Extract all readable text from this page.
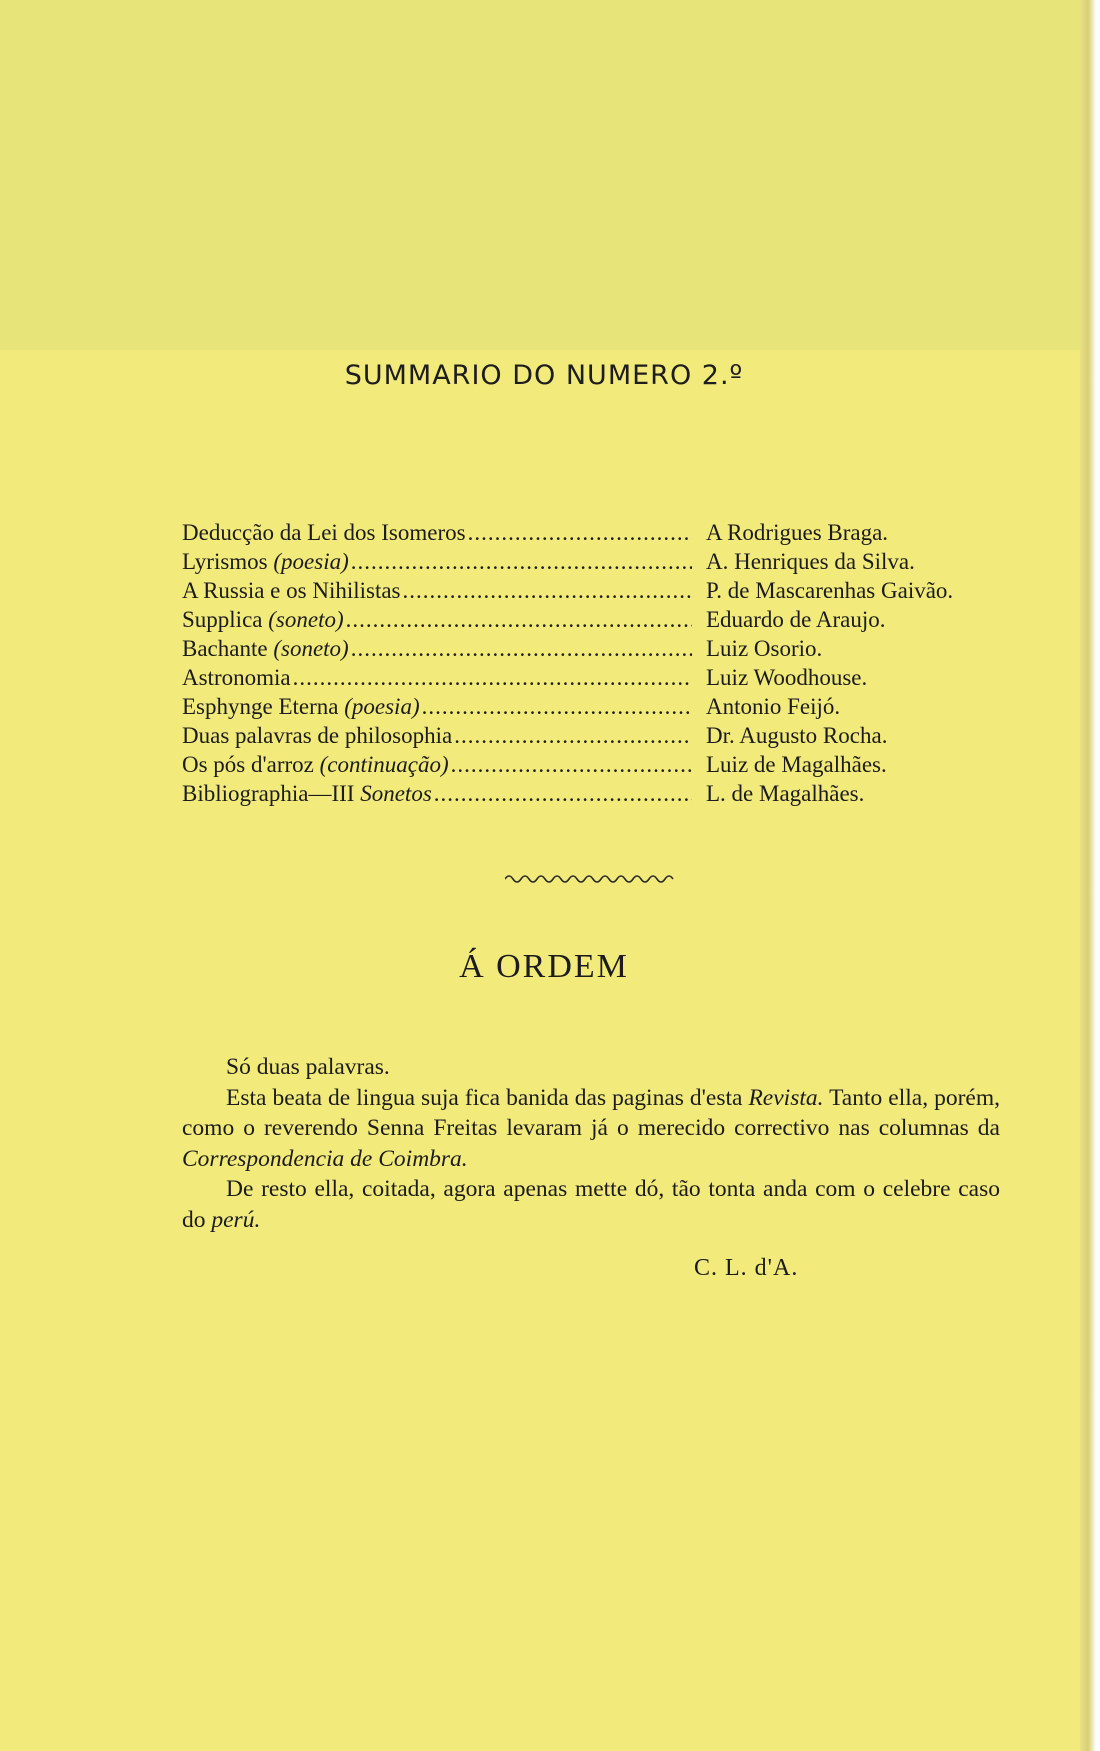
SUMMARIO DO NUMERO 2.º
Deducção da Lei dos Isomeros .....	A Rodrigues Braga.
Lyrismos (poesia) .....	A. Henriques da Silva.
A Russia e os Nihilistas .....	P. de Mascarenhas Gaivão.
Supplica (soneto) .....	Eduardo de Araujo.
Bachante (soneto) .....	Luiz Osorio.
Astronomia .....	Luiz Woodhouse.
Esphynge Eterna (poesia) .....	Antonio Feijó.
Duas palavras de philosophia .....	Dr. Augusto Rocha.
Os pós d'arroz (continuação) .....	Luiz de Magalhães.
Bibliographia—III Sonetos .....	L. de Magalhães.
Á ORDEM

Só duas palavras.

Esta beata de lingua suja fica banida das paginas d'esta Revista. Tanto ella, porém, como o reverendo Senna Freitas levaram já o merecido correctivo nas columnas da Correspondencia de Coimbra.

De resto ella, coitada, agora apenas mette dó, tão tonta anda com o celebre caso do perú.

C. L. d'A.
